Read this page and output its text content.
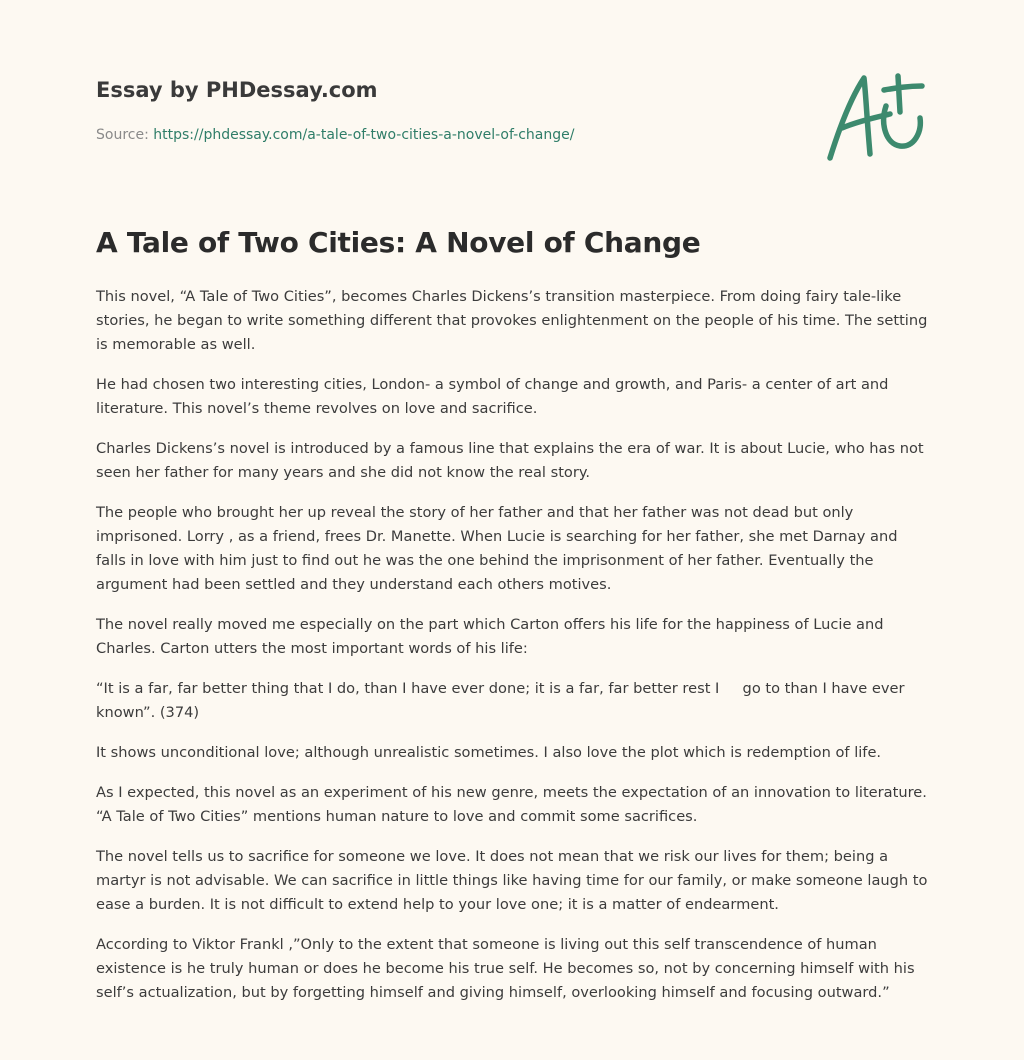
Essay by PHDessay.com
Source: https://phdessay.com/a-tale-of-two-cities-a-novel-of-change/
A Tale of Two Cities: A Novel of Change

This novel, “A Tale of Two Cities”, becomes Charles Dickens’s transition masterpiece. From doing fairy tale-like stories, he began to write something different that provokes enlightenment on the people of his time. The setting is memorable as well.

He had chosen two interesting cities, London- a symbol of change and growth, and Paris- a center of art and literature. This novel’s theme revolves on love and sacrifice.

Charles Dickens’s novel is introduced by a famous line that explains the era of war. It is about Lucie, who has not seen her father for many years and she did not know the real story.

The people who brought her up reveal the story of her father and that her father was not dead but only imprisoned. Lorry , as a friend, frees Dr. Manette. When Lucie is searching for her father, she met Darnay and falls in love with him just to find out he was the one behind the imprisonment of her father. Eventually the argument had been settled and they understand each others motives.

The novel really moved me especially on the part which Carton offers his life for the happiness of Lucie and Charles. Carton utters the most important words of his life:

“It is a far, far better thing that I do, than I have ever done; it is a far, far better rest I     go to than I have ever known”. (374)

It shows unconditional love; although unrealistic sometimes. I also love the plot which is redemption of life.

As I expected, this novel as an experiment of his new genre, meets the expectation of an innovation to literature. “A Tale of Two Cities” mentions human nature to love and commit some sacrifices.

The novel tells us to sacrifice for someone we love. It does not mean that we risk our lives for them; being a martyr is not advisable. We can sacrifice in little things like having time for our family, or make someone laugh to ease a burden. It is not difficult to extend help to your love one; it is a matter of endearment.

According to Viktor Frankl ,”Only to the extent that someone is living out this self transcendence of human existence is he truly human or does he become his true self. He becomes so, not by concerning himself with his self’s actualization, but by forgetting himself and giving himself, overlooking himself and focusing outward.”
